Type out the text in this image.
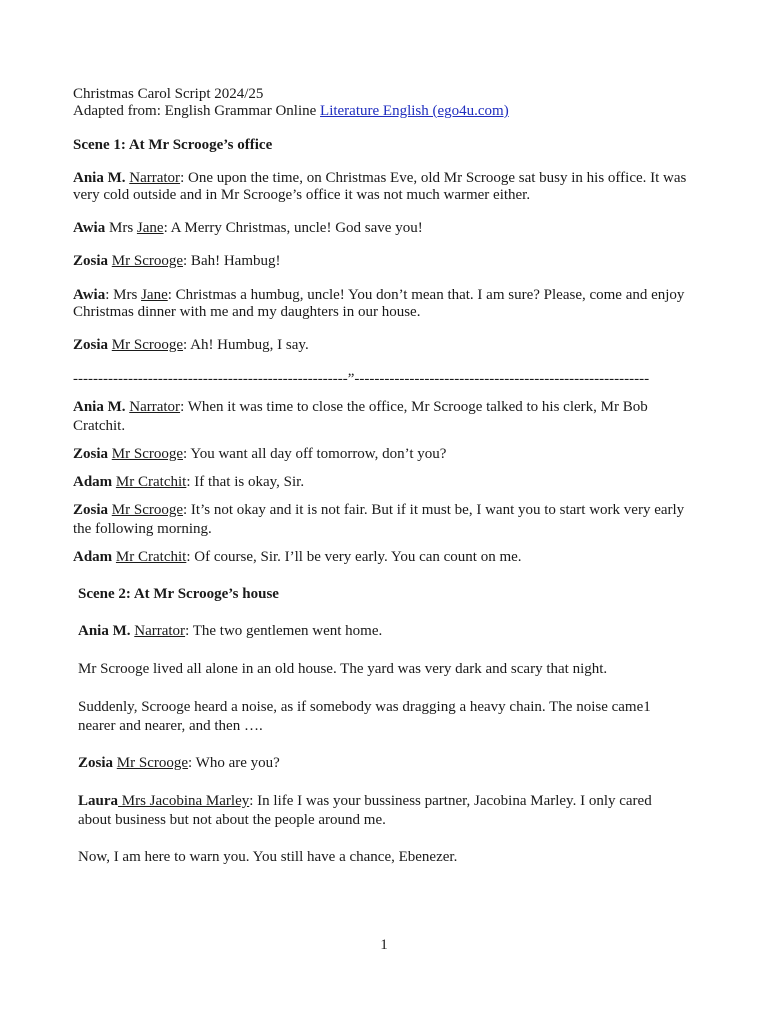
Christmas Carol Script 2024/25
Adapted from: English Grammar Online Literature English (ego4u.com)
Scene 1: At Mr Scrooge’s office
Ania M. Narrator: One upon the time, on Christmas Eve, old Mr Scrooge sat busy in his office. It was very cold outside and in Mr Scrooge’s office it was not much warmer either.
Awia Mrs Jane: A Merry Christmas, uncle! God save you!
Zosia Mr Scrooge: Bah! Hambug!
Awia: Mrs Jane: Christmas a humbug, uncle! You don’t mean that. I am sure? Please, come and enjoy Christmas dinner with me and my daughters in our house.
Zosia Mr Scrooge: Ah! Humbug, I say.
-------------------------------------------------------”-----------------------------------------------------------
Ania M. Narrator: When it was time to close the office, Mr Scrooge talked to his clerk, Mr Bob Cratchit.
Zosia Mr Scrooge: You want all day off tomorrow, don’t you?
Adam Mr Cratchit: If that is okay, Sir.
Zosia Mr Scrooge: It’s not okay and it is not fair. But if it must be, I want you to start work very early the following morning.
Adam Mr Cratchit: Of course, Sir. I’ll be very early. You can count on me.
Scene 2: At Mr Scrooge’s house
Ania M. Narrator: The two gentlemen went home.
Mr Scrooge lived all alone in an old house. The yard was very dark and scary that night.
Suddenly, Scrooge heard a noise, as if somebody was dragging a heavy chain. The noise came1 nearer and nearer, and then ….
Zosia Mr Scrooge: Who are you?
Laura Mrs Jacobina Marley: In life I was your bussiness partner, Jacobina Marley. I only cared about business but not about the people around me.
Now, I am here to warn you. You still have a chance, Ebenezer.
1
